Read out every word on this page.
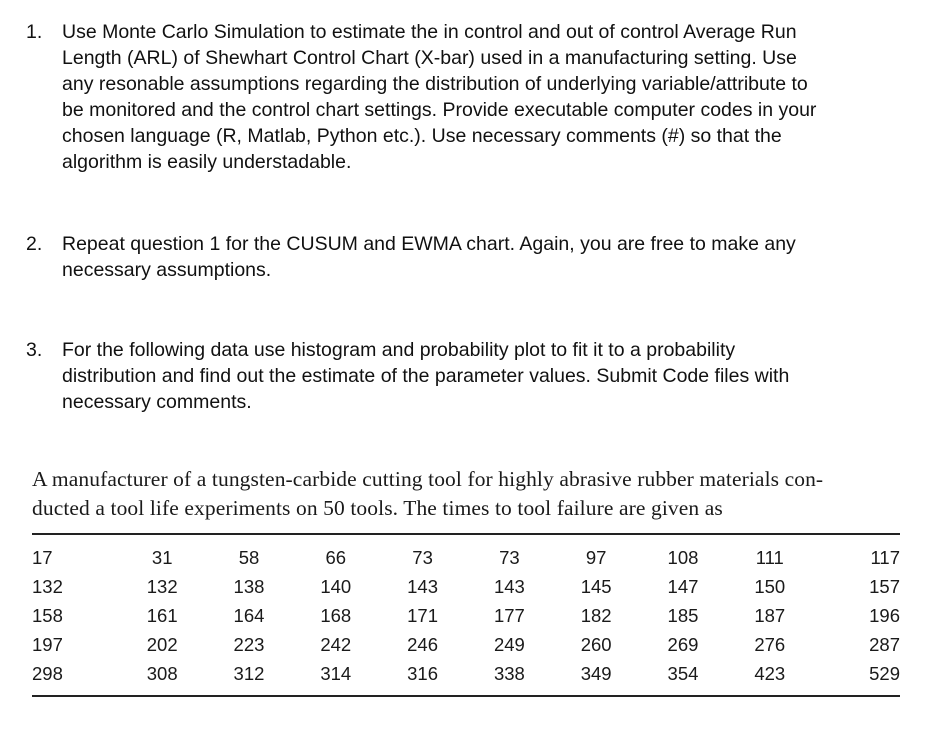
1.	Use Monte Carlo Simulation to estimate the in control and out of control Average Run
Length (ARL) of Shewhart Control Chart (X-bar) used in a manufacturing setting. Use
any resonable assumptions regarding the distribution of underlying variable/attribute to
be monitored and the control chart settings. Provide executable computer codes in your
chosen language (R, Matlab, Python etc.). Use necessary comments (#) so that the
algorithm is easily understadable.
2.	Repeat question 1 for the CUSUM and EWMA chart. Again, you are free to make any
necessary assumptions.
3.	For the following data use histogram and probability plot to fit it to a probability
distribution and find out the estimate of the parameter values. Submit Code files with
necessary comments.
A manufacturer of a tungsten-carbide cutting tool for highly abrasive rubber materials con-
ducted a tool life experiments on 50 tools. The times to tool failure are given as
17	31	58	66	73	73	97	108	111	117
132	132	138	140	143	143	145	147	150	157
158	161	164	168	171	177	182	185	187	196
197	202	223	242	246	249	260	269	276	287
298	308	312	314	316	338	349	354	423	529
